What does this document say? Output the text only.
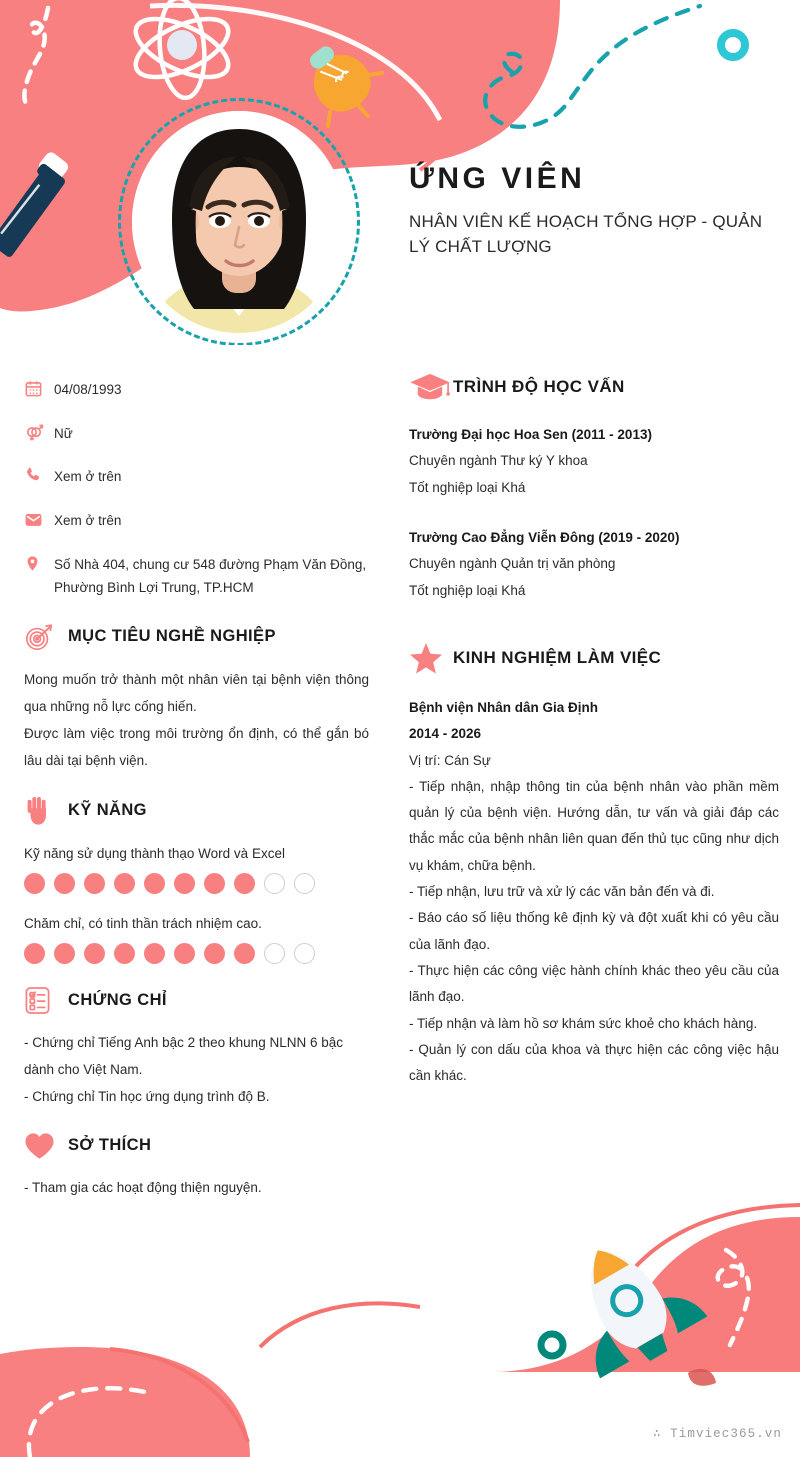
ỨNG VIÊN
NHÂN VIÊN KẾ HOẠCH TỔNG HỢP - QUẢN LÝ CHẤT LƯỢNG
04/08/1993
Nữ
Xem ở trên
Xem ở trên
Số Nhà 404, chung cư 548 đường Phạm Văn Đồng, Phường Bình Lợi Trung, TP.HCM
MỤC TIÊU NGHỀ NGHIỆP
Mong muốn trở thành một nhân viên tại bệnh viện thông qua những nỗ lực cống hiến.
Được làm việc trong môi trường ổn định, có thể gắn bó lâu dài tại bệnh viện.
KỸ NĂNG
Kỹ năng sử dụng thành thạo Word và Excel
Chăm chỉ, có tinh thần trách nhiệm cao.
CHỨNG CHỈ
- Chứng chỉ Tiếng Anh bậc 2 theo khung NLNN 6 bậc dành cho Việt Nam.
- Chứng chỉ Tin học ứng dụng trình độ B.
SỞ THÍCH
- Tham gia các hoạt động thiện nguyện.
TRÌNH ĐỘ HỌC VẤN
Trường Đại học Hoa Sen (2011 - 2013)
Chuyên ngành Thư ký Y khoa
Tốt nghiệp loại Khá
Trường Cao Đẳng Viễn Đông (2019 - 2020)
Chuyên ngành Quản trị văn phòng
Tốt nghiệp loại Khá
KINH NGHIỆM LÀM VIỆC
Bệnh viện Nhân dân Gia Định
2014 - 2026
Vị trí: Cán Sự

- Tiếp nhận, nhập thông tin của bệnh nhân vào phần mềm quản lý của bệnh viện. Hướng dẫn, tư vấn và giải đáp các thắc mắc của bệnh nhân liên quan đến thủ tục cũng như dịch vụ khám, chữa bệnh.

- Tiếp nhận, lưu trữ và xử lý các văn bản đến và đi.

- Báo cáo số liệu thống kê định kỳ và đột xuất khi có yêu cầu của lãnh đạo.

- Thực hiện các công việc hành chính khác theo yêu cầu của lãnh đạo.

- Tiếp nhận và làm hồ sơ khám sức khoẻ cho khách hàng.

- Quản lý con dấu của khoa và thực hiện các công việc hậu cần khác.

∴ Timviec365.vn
